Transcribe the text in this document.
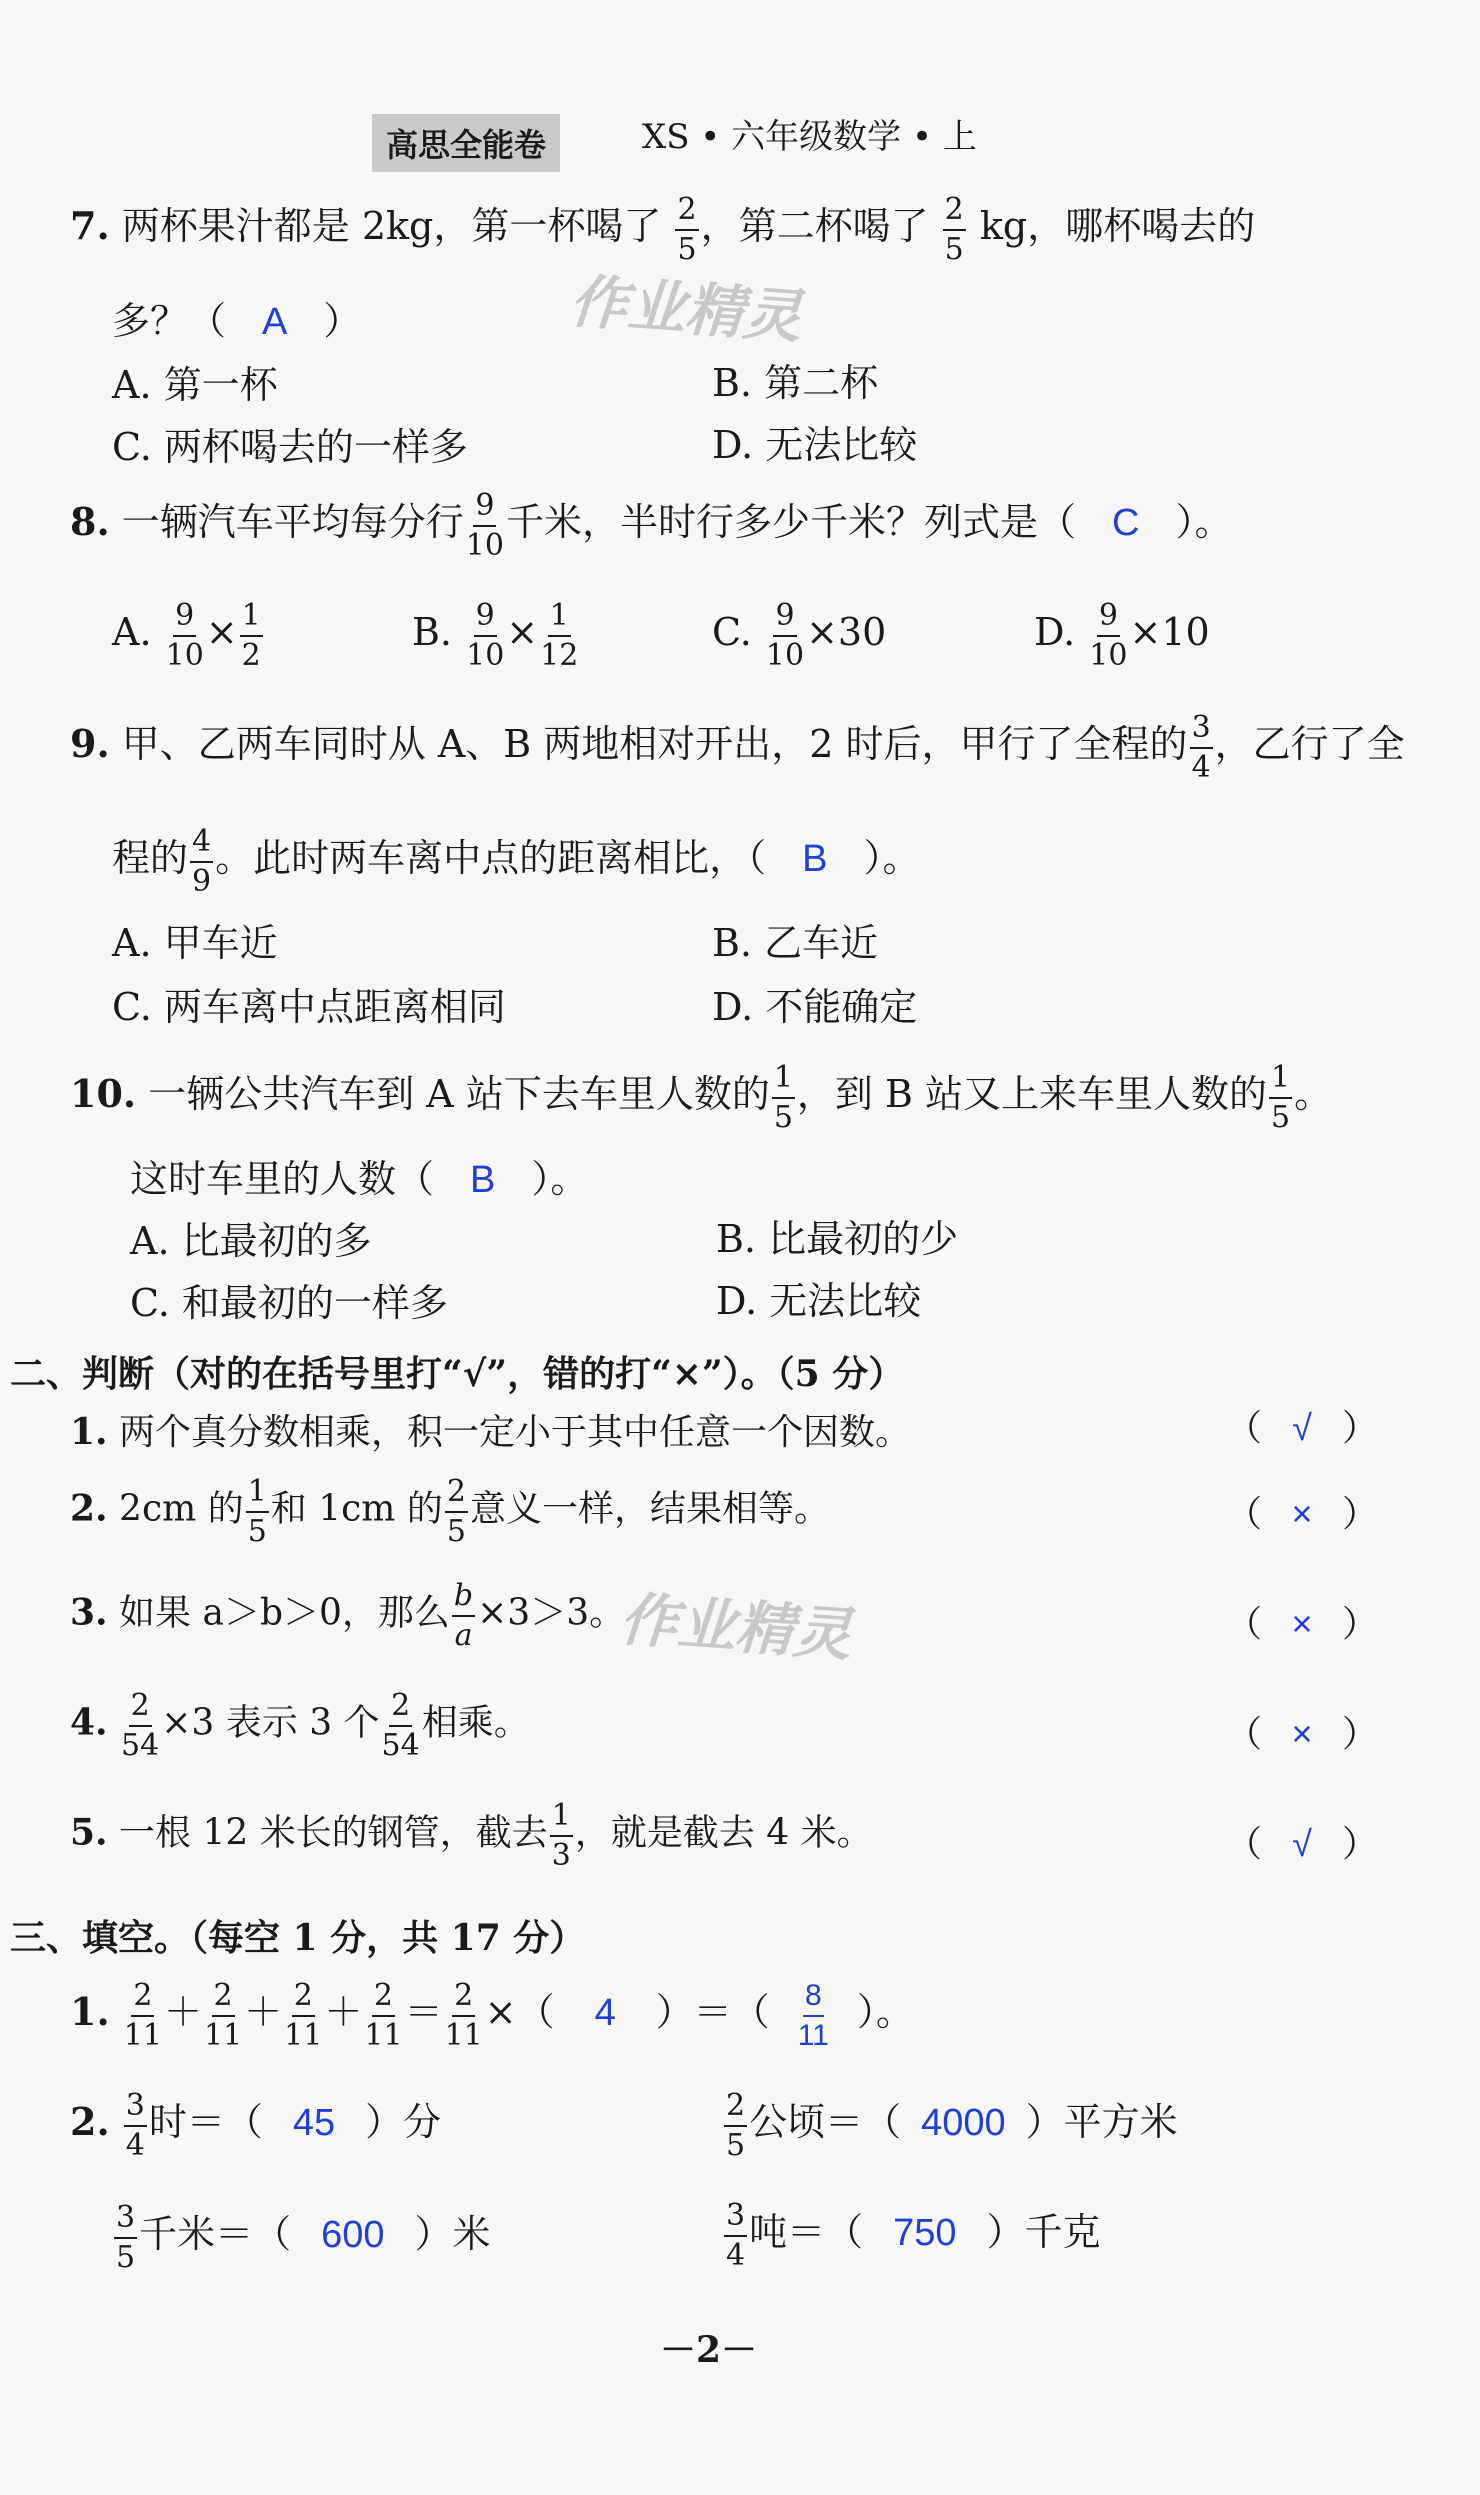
高思全能卷	XS • 六年级数学 • 上
作业精灵
作业精灵
7. 两杯果汁都是 2kg，第一杯喝了 $\frac{2}{5}$ ，第二杯喝了 $\frac{2}{5}$ kg，哪杯喝去的
多？（ A ）
A. 第一杯	B. 第二杯
C. 两杯喝去的一样多	D. 无法比较
8. 一辆汽车平均每分行 $\frac{9}{10}$ 千米，半时行多少千米？列式是（ C ）。
A. $\frac{9}{10} \times \frac{1}{2}$	B. $\frac{9}{10} \times \frac{1}{12}$	C. $\frac{9}{10} \times 30$	D. $\frac{9}{10} \times 10$
9. 甲、乙两车同时从 A、B 两地相对开出，2 时后，甲行了全程的 $\frac{3}{4}$ ，乙行了全
程的 $\frac{4}{9}$ 。此时两车离中点的距离相比，（ B ）。
A. 甲车近	B. 乙车近
C. 两车离中点距离相同	D. 不能确定
10. 一辆公共汽车到 A 站下去车里人数的 $\frac{1}{5}$ ，到 B 站又上来车里人数的 $\frac{1}{5}$ 。
这时车里的人数（ B ）。
A. 比最初的多	B. 比最初的少
C. 和最初的一样多	D. 无法比较
二、判断（对的在括号里打“√”，错的打“×”）。（5 分）
1. 两个真分数相乘，积一定小于其中任意一个因数。	（ √ ）
2. 2cm 的 $\frac{1}{5}$ 和 1cm 的 $\frac{2}{5}$ 意义一样，结果相等。	（ × ）
3. 如果 a＞b＞0，那么 $\frac{b}{a} \times 3>3$。	（ × ）
4. $\frac{2}{54} \times 3$ 表示 3 个 $\frac{2}{54}$ 相乘。	（ × ）
5. 一根 12 米长的钢管，截去 $\frac{1}{3}$ ，就是截去 4 米。	（ √ ）
三、填空。（每空 1 分，共 17 分）
1. $\frac{2}{11} + \frac{2}{11} + \frac{2}{11} + \frac{2}{11} = \frac{2}{11}$ ×（ 4 ）＝（ $\frac{8}{11}$ ）。
2. $\frac{3}{4}$ 时＝（ 45 ）分	$\frac{2}{5}$ 公顷＝（ 4000 ）平方米
$\frac{3}{5}$ 千米＝（ 600 ）米	$\frac{3}{4}$ 吨＝（ 750 ）千克
－2－
